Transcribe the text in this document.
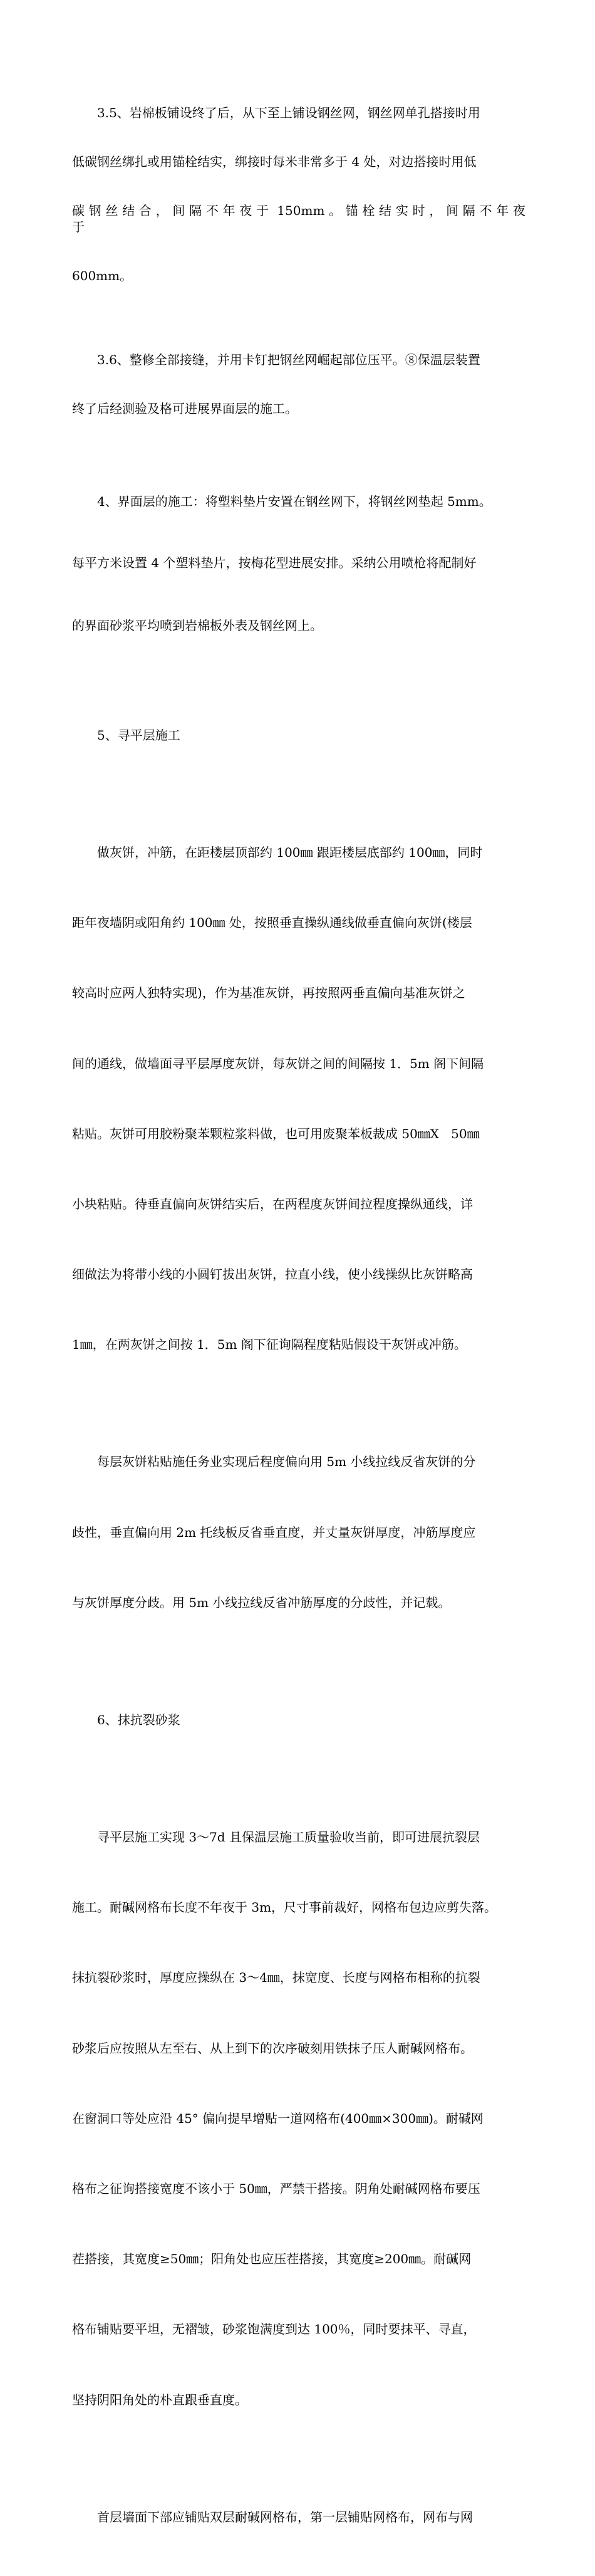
3.5、岩棉板铺设终了后，从下至上铺设钢丝网，钢丝网单孔搭接时用

低碳钢丝绑扎或用锚栓结实，绑接时每米非常多于 4 处，对边搭接时用低

碳 钢 丝 结 合 ， 间 隔 不 年 夜 于  150mm 。 锚 栓 结 实 时 ， 间 隔 不 年 夜 于

600mm。

3.6、整修全部接缝，并用卡钉把钢丝网崛起部位压平。⑧保温层装置

终了后经测验及格可进展界面层的施工。

4、界面层的施工：将塑料垫片安置在钢丝网下，将钢丝网垫起 5mm。

每平方米设置 4 个塑料垫片，按梅花型进展安排。采纳公用喷枪将配制好

的界面砂浆平均喷到岩棉板外表及钢丝网上。

5、寻平层施工

做灰饼，冲筋，在距楼层顶部约 100㎜ 跟距楼层底部约 100㎜，同时

距年夜墙阴或阳角约 100㎜ 处，按照垂直操纵通线做垂直偏向灰饼(楼层

较高时应两人独特实现)，作为基准灰饼，再按照两垂直偏向基准灰饼之

间的通线，做墙面寻平层厚度灰饼，每灰饼之间的间隔按 1．5m 阁下间隔

粘贴。灰饼可用胶粉聚苯颗粒浆料做，也可用废聚苯板裁成 50㎜X   50㎜

小块粘贴。待垂直偏向灰饼结实后，在两程度灰饼间拉程度操纵通线，详

细做法为将带小线的小圆钉拔出灰饼，拉直小线，使小线操纵比灰饼略高

1㎜，在两灰饼之间按 1．5m 阁下征询隔程度粘贴假设干灰饼或冲筋。

每层灰饼粘贴施任务业实现后程度偏向用 5m 小线拉线反省灰饼的分

歧性，垂直偏向用 2m 托线板反省垂直度，并丈量灰饼厚度，冲筋厚度应

与灰饼厚度分歧。用 5m 小线拉线反省冲筋厚度的分歧性，并记载。

6、抹抗裂砂浆

寻平层施工实现 3～7d 且保温层施工质量验收当前，即可进展抗裂层

施工。耐碱网格布长度不年夜于 3m，尺寸事前裁好，网格布包边应剪失落。

抹抗裂砂浆时，厚度应操纵在 3～4㎜，抹宽度、长度与网格布相称的抗裂

砂浆后应按照从左至右、从上到下的次序破刻用铁抹子压人耐碱网格布。

在窗洞口等处应沿 45° 偏向提早增贴一道网格布(400㎜×300㎜)。耐碱网

格布之征询搭接宽度不该小于 50㎜，严禁干搭接。阴角处耐碱网格布要压

茬搭接，其宽度≥50㎜；阳角处也应压茬搭接，其宽度≥200㎜。耐碱网

格布铺贴要平坦，无褶皱，砂浆饱满度到达 100％，同时要抹平、寻直，

坚持阴阳角处的朴直跟垂直度。

首层墙面下部应铺贴双层耐碱网格布，第一层铺贴网格布，网布与网
